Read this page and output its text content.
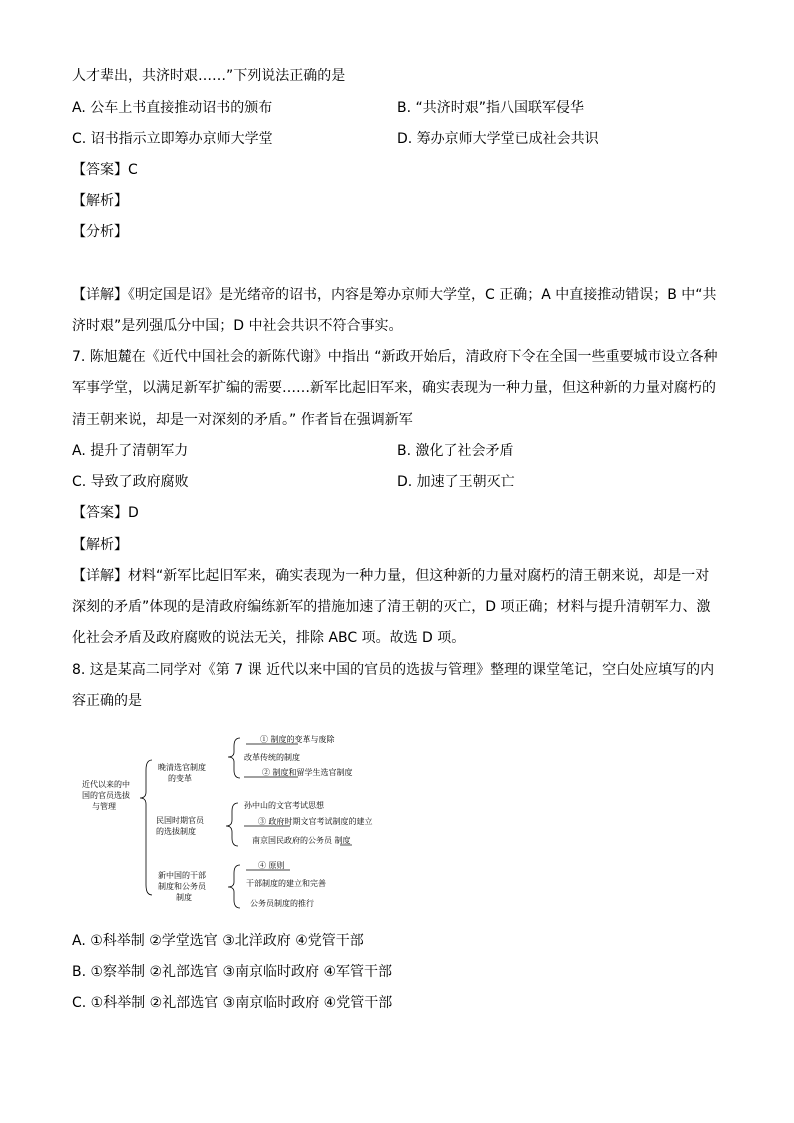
人才辈出，共济时艰……”下列说法正确的是
A. 公车上书直接推动诏书的颁布	B. “共济时艰”指八国联军侵华
C. 诏书指示立即筹办京师大学堂	D. 筹办京师大学堂已成社会共识
【答案】C
【解析】
【分析】
【详解】《明定国是诏》是光绪帝的诏书，内容是筹办京师大学堂，C 正确；A 中直接推动错误；B 中“共
济时艰”是列强瓜分中国；D 中社会共识不符合事实。
7. 陈旭麓在《近代中国社会的新陈代谢》中指出 “新政开始后，清政府下令在全国一些重要城市设立各种
军事学堂，以满足新军扩编的需要……新军比起旧军来，确实表现为一种力量，但这种新的力量对腐朽的
清王朝来说，却是一对深刻的矛盾。” 作者旨在强调新军
A. 提升了清朝军力	B. 激化了社会矛盾
C. 导致了政府腐败	D. 加速了王朝灭亡
【答案】D
【解析】
【详解】材料“新军比起旧军来，确实表现为一种力量，但这种新的力量对腐朽的清王朝来说，却是一对
深刻的矛盾”体现的是清政府编练新军的措施加速了清王朝的灭亡，D 项正确；材料与提升清朝军力、激
化社会矛盾及政府腐败的说法无关，排除 ABC 项。故选 D 项。
8. 这是某高二同学对《第 7 课 近代以来中国的官员的选拔与管理》整理的课堂笔记，空白处应填写的内
容正确的是
近代以来的中
国的官员选拔
与管理
晚清选官制度
的变革
① 制度的变革与废除
改革传统的制度
② 制度和留学生选官制度
民国时期官员
的选拔制度
孙中山的文官考试思想
③ 政府时期文官考试制度的建立
南京国民政府的公务员 制度
新中国的干部
制度和公务员
制度
④ 原则
干部制度的建立和完善
公务员制度的推行
A. ①科举制 ②学堂选官 ③北洋政府 ④党管干部
B. ①察举制 ②礼部选官 ③南京临时政府 ④军管干部
C. ①科举制 ②礼部选官 ③南京临时政府 ④党管干部
